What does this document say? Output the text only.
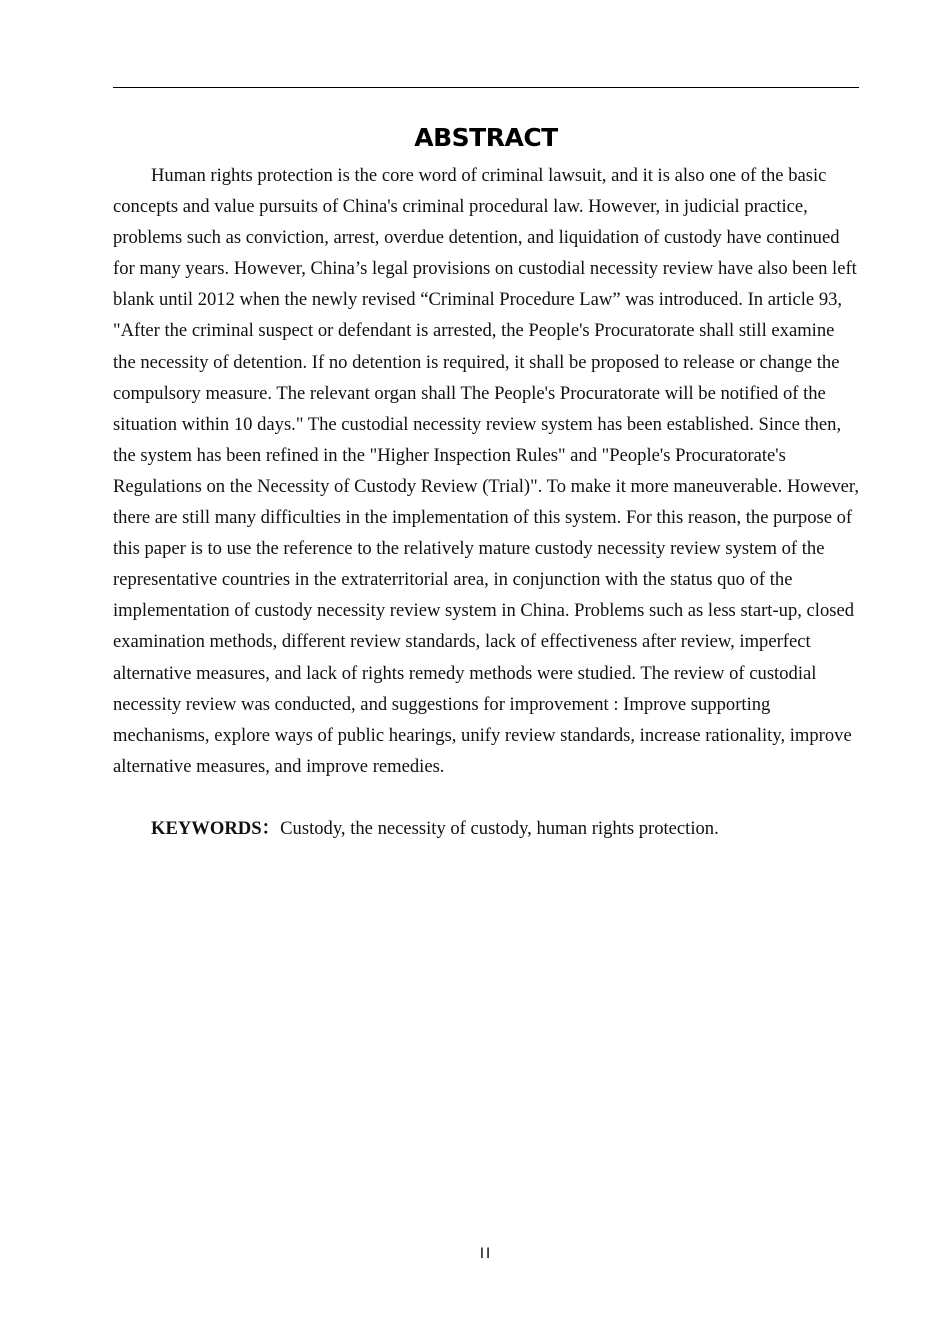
ABSTRACT

Human rights protection is the core word of criminal lawsuit, and it is also one of the basic concepts and value pursuits of China's criminal procedural law. However, in judicial practice, problems such as conviction, arrest, overdue detention, and liquidation of custody have continued for many years. However, China’s legal provisions on custodial necessity review have also been left blank until 2012 when the newly revised “Criminal Procedure Law” was introduced. In article 93, "After the criminal suspect or defendant is arrested, the People's Procuratorate shall still examine the necessity of detention. If no detention is required, it shall be proposed to release or change the compulsory measure. The relevant organ shall The People's Procuratorate will be notified of the situation within 10 days." The custodial necessity review system has been established. Since then, the system has been refined in the "Higher Inspection Rules" and "People's Procuratorate's Regulations on the Necessity of Custody Review (Trial)". To make it more maneuverable. However, there are still many difficulties in the implementation of this system. For this reason, the purpose of this paper is to use the reference to the relatively mature custody necessity review system of the representative countries in the extraterritorial area, in conjunction with the status quo of the implementation of custody necessity review system in China. Problems such as less start-up, closed examination methods, different review standards, lack of effectiveness after review, imperfect alternative measures, and lack of rights remedy methods were studied. The review of custodial necessity review was conducted, and suggestions for improvement : Improve supporting mechanisms, explore ways of public hearings, unify review standards, increase rationality, improve alternative measures, and improve remedies.

KEYWORDS：Custody, the necessity of custody, human rights protection.

II
